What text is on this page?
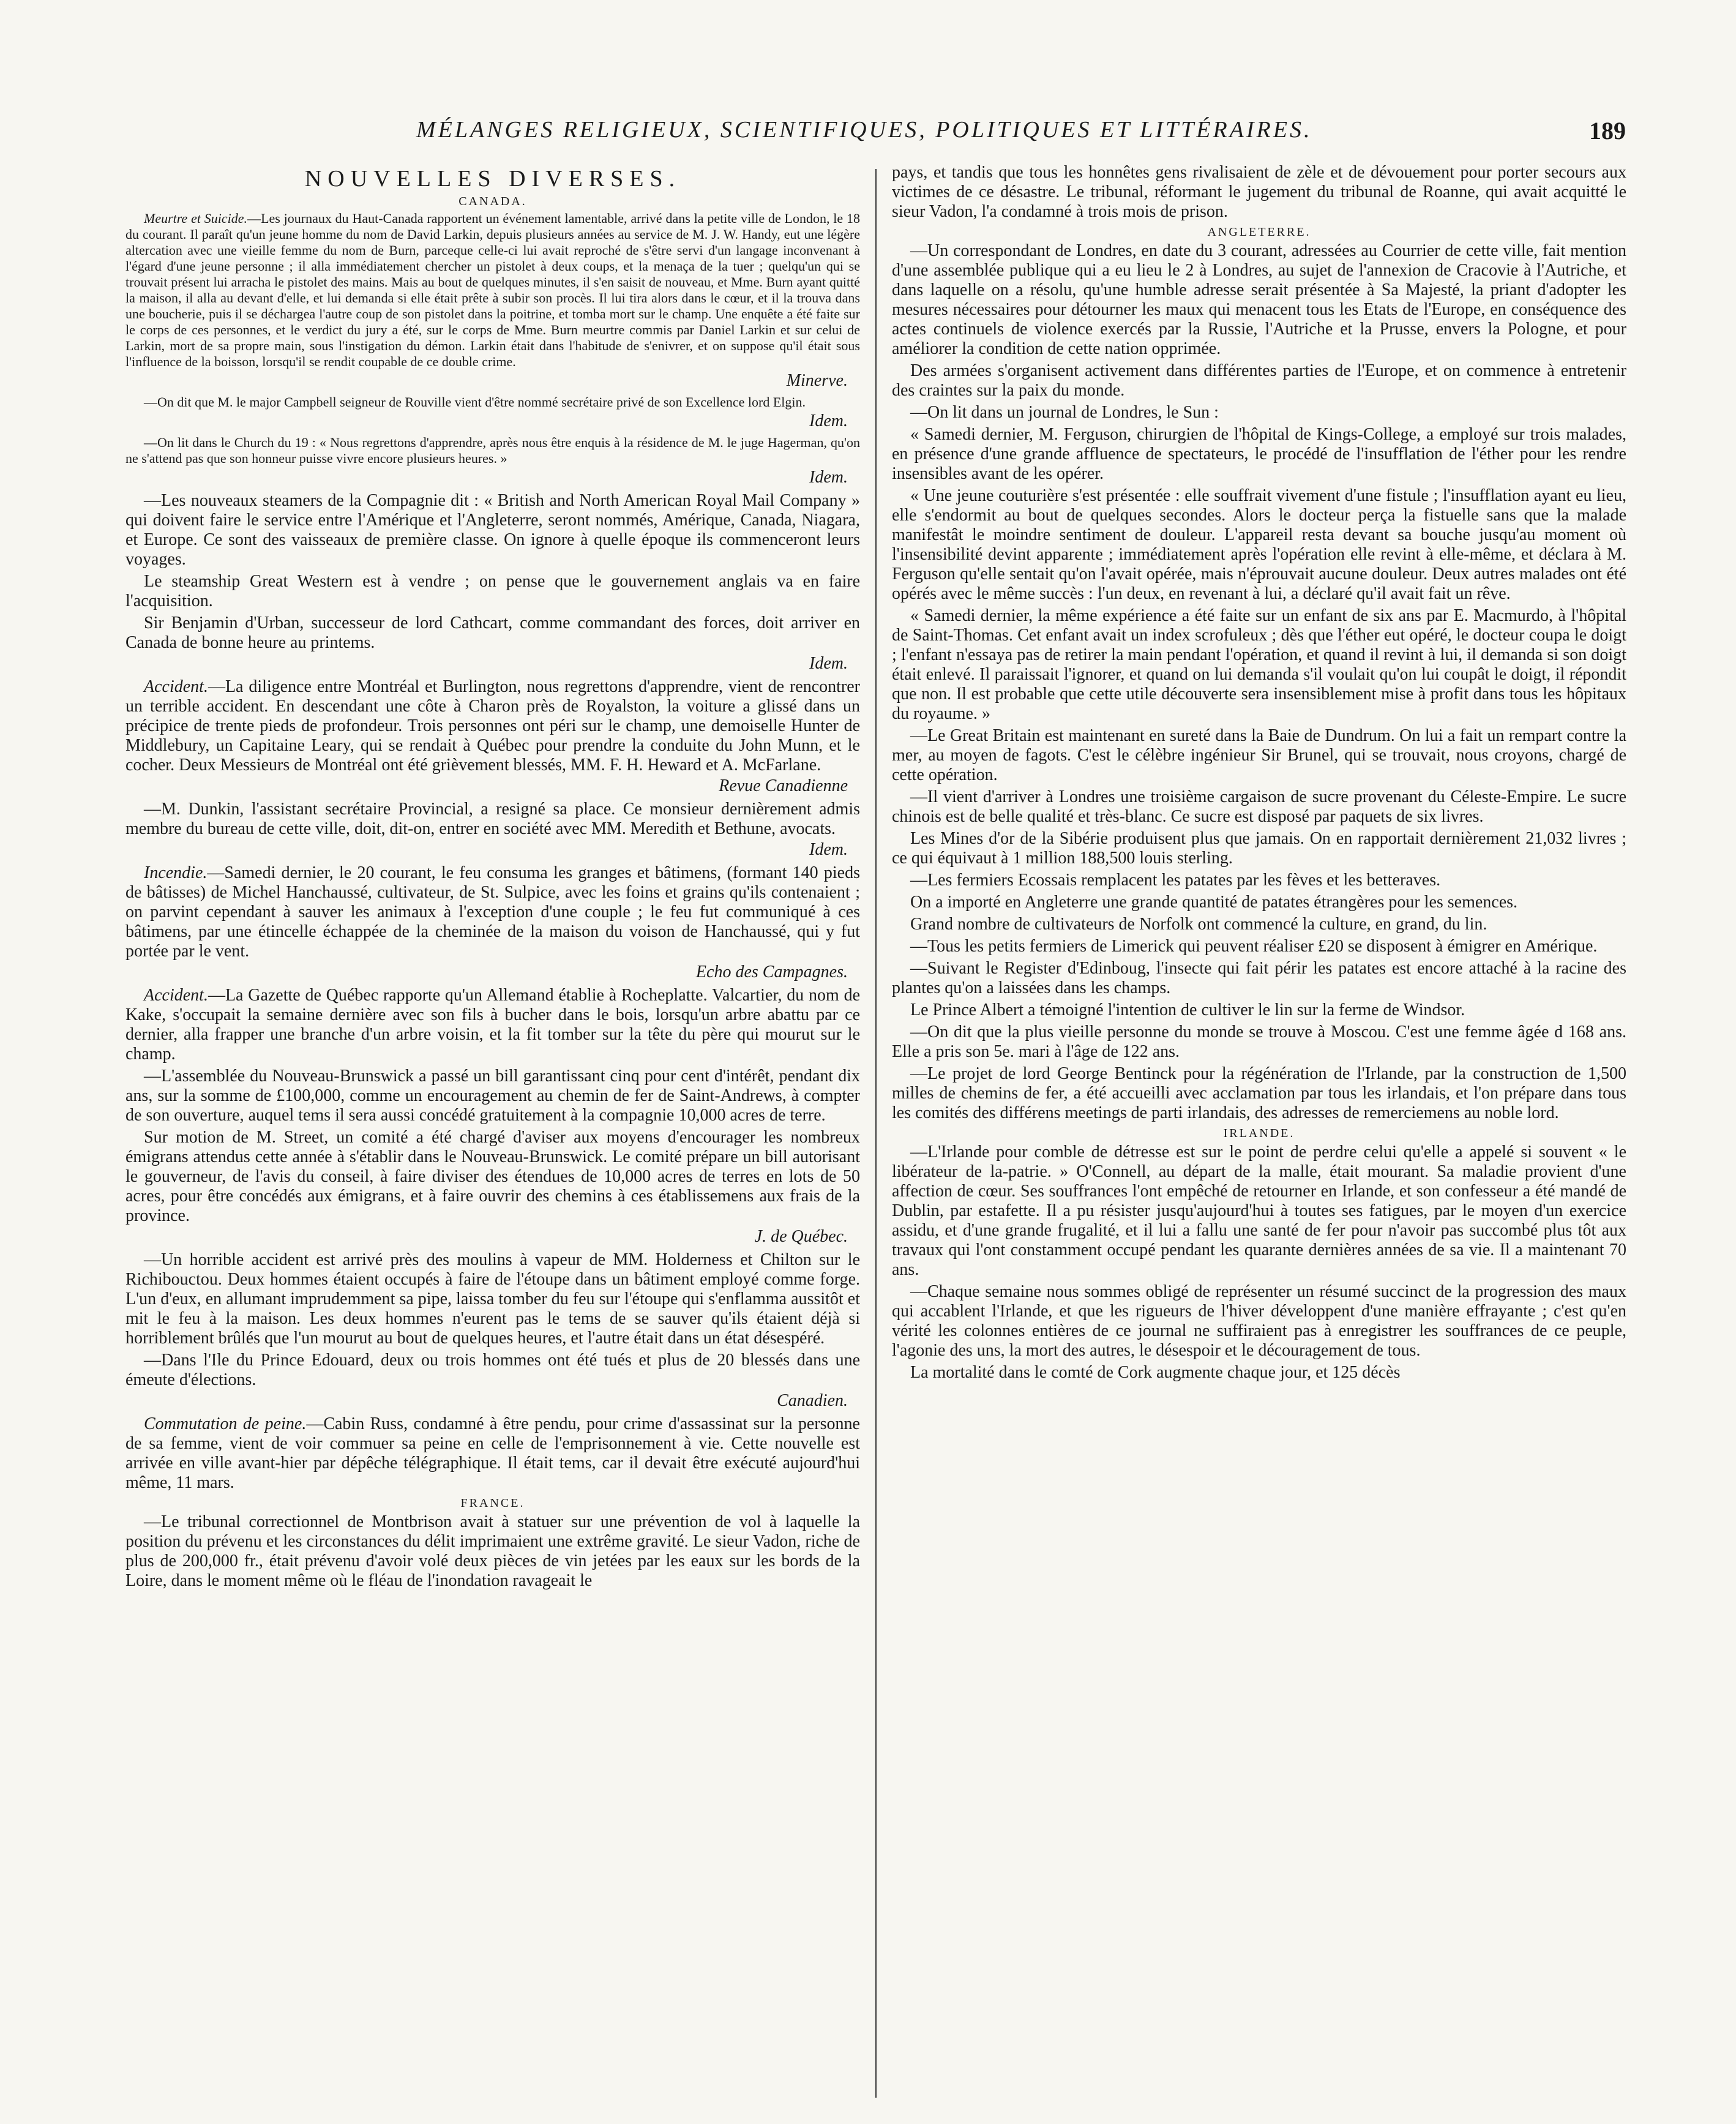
MÉLANGES RELIGIEUX, SCIENTIFIQUES, POLITIQUES ET LITTÉRAIRES.	189
NOUVELLES DIVERSES.
CANADA.

Meurtre et Suicide.—Les journaux du Haut-Canada rapportent un événement lamentable, arrivé dans la petite ville de London, le 18 du courant. Il paraît qu'un jeune homme du nom de David Larkin, depuis plusieurs années au service de M. J. W. Handy, eut une légère altercation avec une vieille femme du nom de Burn, parceque celle-ci lui avait reproché de s'être servi d'un langage inconvenant à l'égard d'une jeune personne ; il alla immédiatement chercher un pistolet à deux coups, et la menaça de la tuer ; quelqu'un qui se trouvait présent lui arracha le pistolet des mains. Mais au bout de quelques minutes, il s'en saisit de nouveau, et Mme. Burn ayant quitté la maison, il alla au devant d'elle, et lui demanda si elle était prête à subir son procès. Il lui tira alors dans le cœur, et il la trouva dans une boucherie, puis il se déchargea l'autre coup de son pistolet dans la poitrine, et tomba mort sur le champ. Une enquête a été faite sur le corps de ces personnes, et le verdict du jury a été, sur le corps de Mme. Burn meurtre commis par Daniel Larkin et sur celui de Larkin, mort de sa propre main, sous l'instigation du démon. Larkin était dans l'habitude de s'enivrer, et on suppose qu'il était sous l'influence de la boisson, lorsqu'il se rendit coupable de ce double crime.

Minerve.

—On dit que M. le major Campbell seigneur de Rouville vient d'être nommé secrétaire privé de son Excellence lord Elgin.

Idem.

—On lit dans le Church du 19 : « Nous regrettons d'apprendre, après nous être enquis à la résidence de M. le juge Hagerman, qu'on ne s'attend pas que son honneur puisse vivre encore plusieurs heures. »

Idem.

—Les nouveaux steamers de la Compagnie dit : « British and North American Royal Mail Company » qui doivent faire le service entre l'Amérique et l'Angleterre, seront nommés, Amérique, Canada, Niagara, et Europe. Ce sont des vaisseaux de première classe. On ignore à quelle époque ils commenceront leurs voyages.

Le steamship Great Western est à vendre ; on pense que le gouvernement anglais va en faire l'acquisition.

Sir Benjamin d'Urban, successeur de lord Cathcart, comme commandant des forces, doit arriver en Canada de bonne heure au printems.

Idem.

Accident.—La diligence entre Montréal et Burlington, nous regrettons d'apprendre, vient de rencontrer un terrible accident. En descendant une côte à Charon près de Royalston, la voiture a glissé dans un précipice de trente pieds de profondeur. Trois personnes ont péri sur le champ, une demoiselle Hunter de Middlebury, un Capitaine Leary, qui se rendait à Québec pour prendre la conduite du John Munn, et le cocher. Deux Messieurs de Montréal ont été grièvement blessés, MM. F. H. Heward et A. McFarlane.

Revue Canadienne

—M. Dunkin, l'assistant secrétaire Provincial, a resigné sa place. Ce monsieur dernièrement admis membre du bureau de cette ville, doit, dit-on, entrer en société avec MM. Meredith et Bethune, avocats.

Idem.

Incendie.—Samedi dernier, le 20 courant, le feu consuma les granges et bâtimens, (formant 140 pieds de bâtisses) de Michel Hanchaussé, cultivateur, de St. Sulpice, avec les foins et grains qu'ils contenaient ; on parvint cependant à sauver les animaux à l'exception d'une couple ; le feu fut communiqué à ces bâtimens, par une étincelle échappée de la cheminée de la maison du voison de Hanchaussé, qui y fut portée par le vent.

Echo des Campagnes.

Accident.—La Gazette de Québec rapporte qu'un Allemand établie à Rocheplatte. Valcartier, du nom de Kake, s'occupait la semaine dernière avec son fils à bucher dans le bois, lorsqu'un arbre abattu par ce dernier, alla frapper une branche d'un arbre voisin, et la fit tomber sur la tête du père qui mourut sur le champ.

—L'assemblée du Nouveau-Brunswick a passé un bill garantissant cinq pour cent d'intérêt, pendant dix ans, sur la somme de £100,000, comme un encouragement au chemin de fer de Saint-Andrews, à compter de son ouverture, auquel tems il sera aussi concédé gratuitement à la compagnie 10,000 acres de terre.

Sur motion de M. Street, un comité a été chargé d'aviser aux moyens d'encourager les nombreux émigrans attendus cette année à s'établir dans le Nouveau-Brunswick. Le comité prépare un bill autorisant le gouverneur, de l'avis du conseil, à faire diviser des étendues de 10,000 acres de terres en lots de 50 acres, pour être concédés aux émigrans, et à faire ouvrir des chemins à ces établissemens aux frais de la province.

J. de Québec.

—Un horrible accident est arrivé près des moulins à vapeur de MM. Holderness et Chilton sur le Richibouctou. Deux hommes étaient occupés à faire de l'étoupe dans un bâtiment employé comme forge. L'un d'eux, en allumant imprudemment sa pipe, laissa tomber du feu sur l'étoupe qui s'enflamma aussitôt et mit le feu à la maison. Les deux hommes n'eurent pas le tems de se sauver qu'ils étaient déjà si horriblement brûlés que l'un mourut au bout de quelques heures, et l'autre était dans un état désespéré.

—Dans l'Ile du Prince Edouard, deux ou trois hommes ont été tués et plus de 20 blessés dans une émeute d'élections.

Canadien.

Commutation de peine.—Cabin Russ, condamné à être pendu, pour crime d'assassinat sur la personne de sa femme, vient de voir commuer sa peine en celle de l'emprisonnement à vie. Cette nouvelle est arrivée en ville avant-hier par dépêche télégraphique. Il était tems, car il devait être exécuté aujourd'hui même, 11 mars.

FRANCE.

—Le tribunal correctionnel de Montbrison avait à statuer sur une prévention de vol à laquelle la position du prévenu et les circonstances du délit imprimaient une extrême gravité. Le sieur Vadon, riche de plus de 200,000 fr., était prévenu d'avoir volé deux pièces de vin jetées par les eaux sur les bords de la Loire, dans le moment même où le fléau de l'inondation ravageait le

pays, et tandis que tous les honnêtes gens rivalisaient de zèle et de dévouement pour porter secours aux victimes de ce désastre. Le tribunal, réformant le jugement du tribunal de Roanne, qui avait acquitté le sieur Vadon, l'a condamné à trois mois de prison.

ANGLETERRE.

—Un correspondant de Londres, en date du 3 courant, adressées au Courrier de cette ville, fait mention d'une assemblée publique qui a eu lieu le 2 à Londres, au sujet de l'annexion de Cracovie à l'Autriche, et dans laquelle on a résolu, qu'une humble adresse serait présentée à Sa Majesté, la priant d'adopter les mesures nécessaires pour détourner les maux qui menacent tous les Etats de l'Europe, en conséquence des actes continuels de violence exercés par la Russie, l'Autriche et la Prusse, envers la Pologne, et pour améliorer la condition de cette nation opprimée.

Des armées s'organisent activement dans différentes parties de l'Europe, et on commence à entretenir des craintes sur la paix du monde.

—On lit dans un journal de Londres, le Sun :

« Samedi dernier, M. Ferguson, chirurgien de l'hôpital de Kings-College, a employé sur trois malades, en présence d'une grande affluence de spectateurs, le procédé de l'insufflation de l'éther pour les rendre insensibles avant de les opérer.

« Une jeune couturière s'est présentée : elle souffrait vivement d'une fistule ; l'insufflation ayant eu lieu, elle s'endormit au bout de quelques secondes. Alors le docteur perça la fistuelle sans que la malade manifestât le moindre sentiment de douleur. L'appareil resta devant sa bouche jusqu'au moment où l'insensibilité devint apparente ; immédiatement après l'opération elle revint à elle-même, et déclara à M. Ferguson qu'elle sentait qu'on l'avait opérée, mais n'éprouvait aucune douleur. Deux autres malades ont été opérés avec le même succès : l'un deux, en revenant à lui, a déclaré qu'il avait fait un rêve.

« Samedi dernier, la même expérience a été faite sur un enfant de six ans par E. Macmurdo, à l'hôpital de Saint-Thomas. Cet enfant avait un index scrofuleux ; dès que l'éther eut opéré, le docteur coupa le doigt ; l'enfant n'essaya pas de retirer la main pendant l'opération, et quand il revint à lui, il demanda si son doigt était enlevé. Il paraissait l'ignorer, et quand on lui demanda s'il voulait qu'on lui coupât le doigt, il répondit que non. Il est probable que cette utile découverte sera insensiblement mise à profit dans tous les hôpitaux du royaume. »

—Le Great Britain est maintenant en sureté dans la Baie de Dundrum. On lui a fait un rempart contre la mer, au moyen de fagots. C'est le célèbre ingénieur Sir Brunel, qui se trouvait, nous croyons, chargé de cette opération.

—Il vient d'arriver à Londres une troisième cargaison de sucre provenant du Céleste-Empire. Le sucre chinois est de belle qualité et très-blanc. Ce sucre est disposé par paquets de six livres.

Les Mines d'or de la Sibérie produisent plus que jamais. On en rapportait dernièrement 21,032 livres ; ce qui équivaut à 1 million 188,500 louis sterling.

—Les fermiers Ecossais remplacent les patates par les fèves et les betteraves.

On a importé en Angleterre une grande quantité de patates étrangères pour les semences.

Grand nombre de cultivateurs de Norfolk ont commencé la culture, en grand, du lin.

—Tous les petits fermiers de Limerick qui peuvent réaliser £20 se disposent à émigrer en Amérique.

—Suivant le Register d'Edinboug, l'insecte qui fait périr les patates est encore attaché à la racine des plantes qu'on a laissées dans les champs.

Le Prince Albert a témoigné l'intention de cultiver le lin sur la ferme de Windsor.

—On dit que la plus vieille personne du monde se trouve à Moscou. C'est une femme âgée d 168 ans. Elle a pris son 5e. mari à l'âge de 122 ans.

—Le projet de lord George Bentinck pour la régénération de l'Irlande, par la construction de 1,500 milles de chemins de fer, a été accueilli avec acclamation par tous les irlandais, et l'on prépare dans tous les comités des différens meetings de parti irlandais, des adresses de remerciemens au noble lord.

IRLANDE.

—L'Irlande pour comble de détresse est sur le point de perdre celui qu'elle a appelé si souvent « le libérateur de la-patrie. » O'Connell, au départ de la malle, était mourant. Sa maladie provient d'une affection de cœur. Ses souffrances l'ont empêché de retourner en Irlande, et son confesseur a été mandé de Dublin, par estafette. Il a pu résister jusqu'aujourd'hui à toutes ses fatigues, par le moyen d'un exercice assidu, et d'une grande frugalité, et il lui a fallu une santé de fer pour n'avoir pas succombé plus tôt aux travaux qui l'ont constamment occupé pendant les quarante dernières années de sa vie. Il a maintenant 70 ans.

—Chaque semaine nous sommes obligé de représenter un résumé succinct de la progression des maux qui accablent l'Irlande, et que les rigueurs de l'hiver développent d'une manière effrayante ; c'est qu'en vérité les colonnes entières de ce journal ne suffiraient pas à enregistrer les souffrances de ce peuple, l'agonie des uns, la mort des autres, le désespoir et le découragement de tous.

La mortalité dans le comté de Cork augmente chaque jour, et 125 décès
